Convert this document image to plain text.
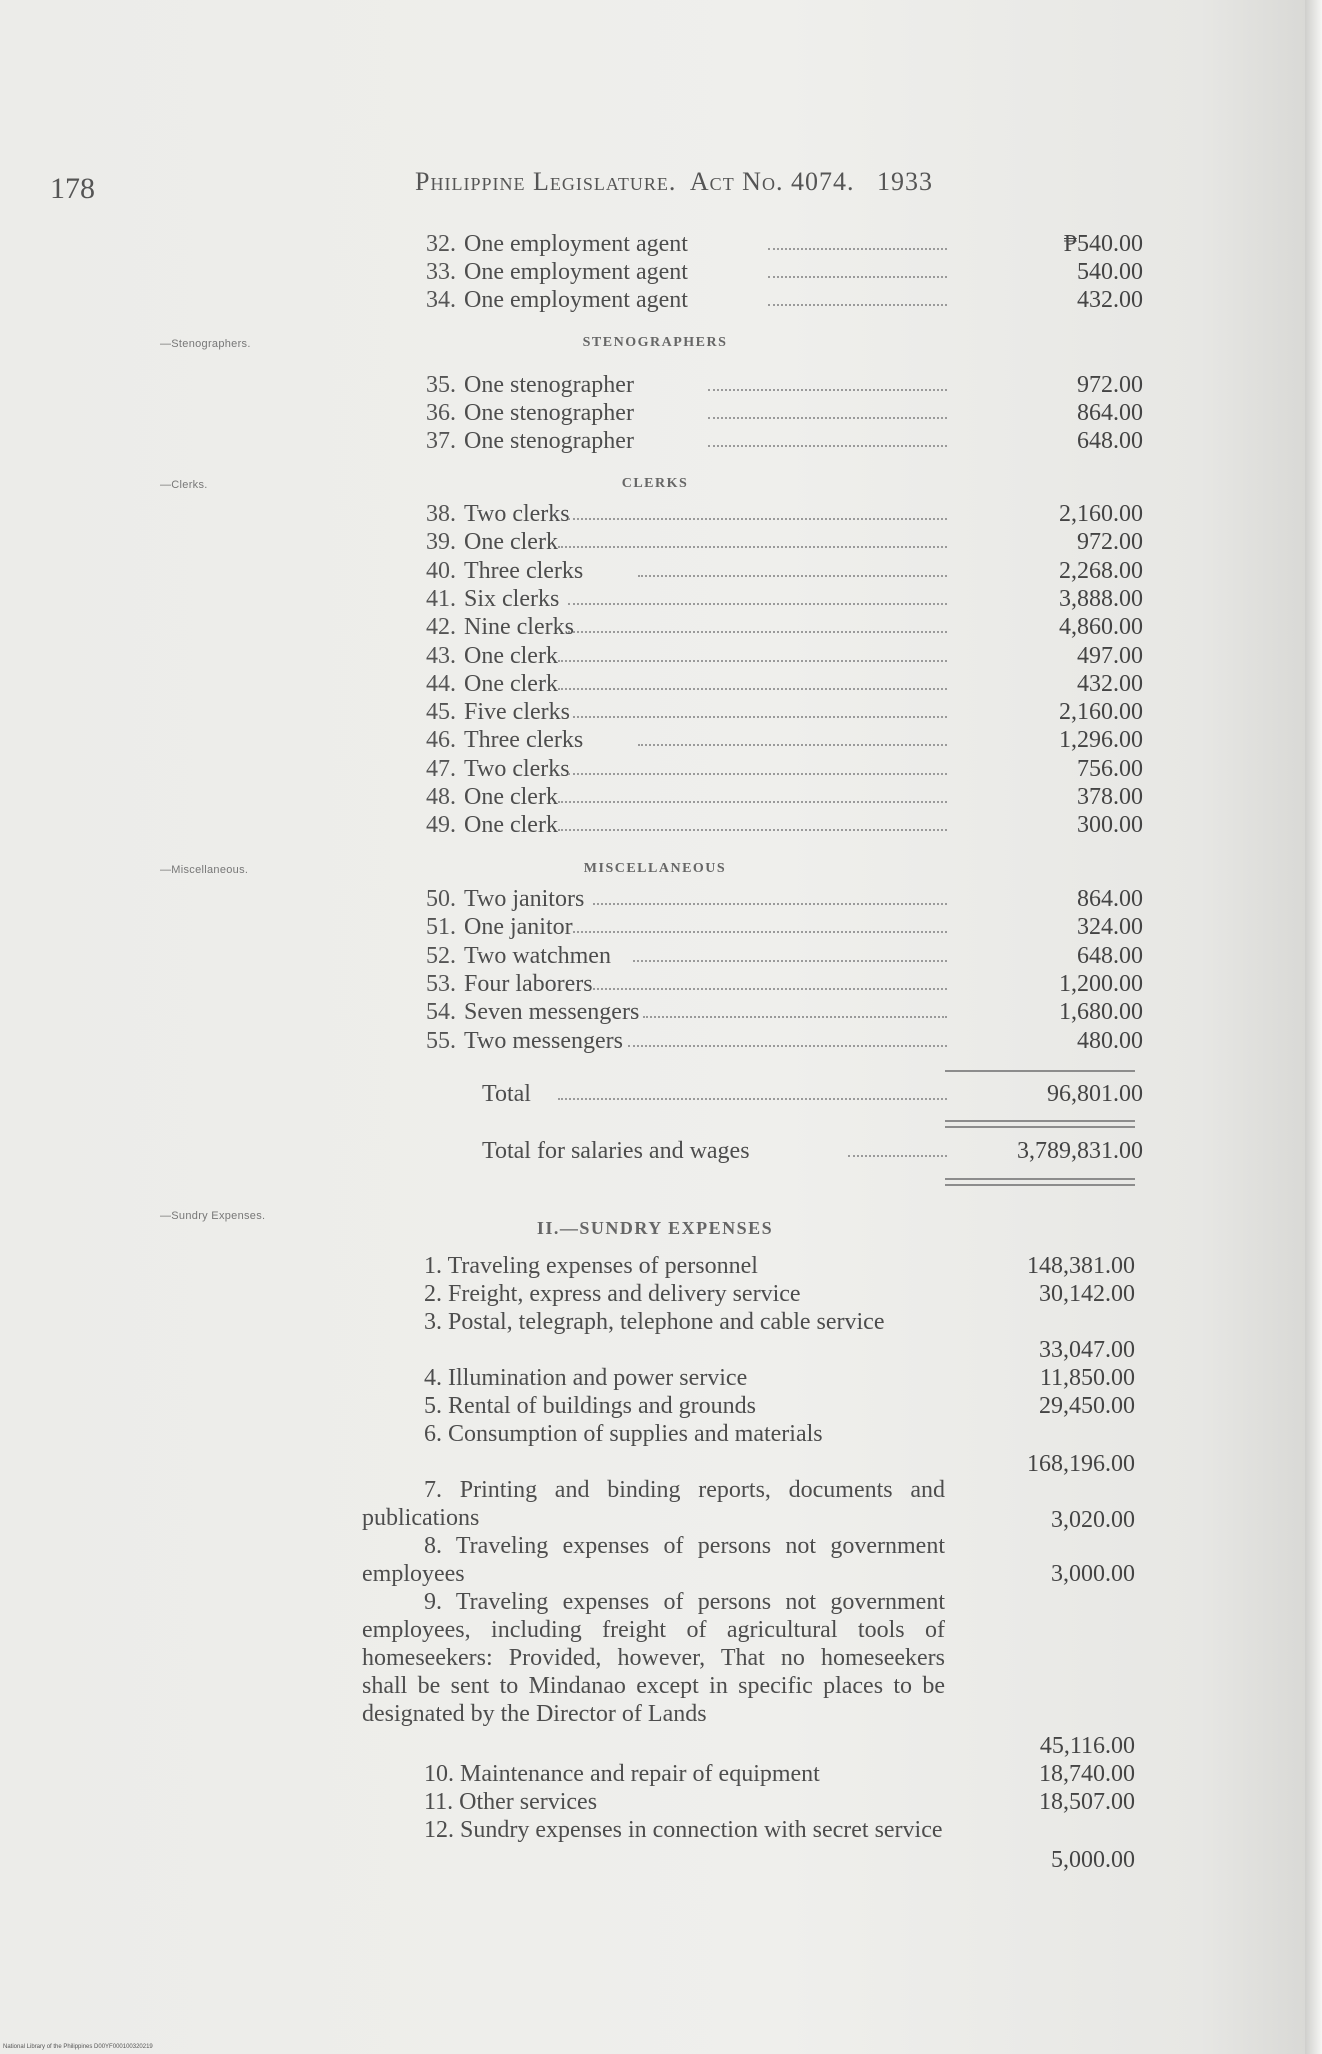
178	Philippine Legislature. Act No. 4074. 1933
32. One employment agent	₱540.00
33. One employment agent	540.00
34. One employment agent	432.00
—Stenographers.	STENOGRAPHERS
35. One stenographer	972.00
36. One stenographer	864.00
37. One stenographer	648.00
—Clerks.	CLERKS
38. Two clerks	2,160.00
39. One clerk	972.00
40. Three clerks	2,268.00
41. Six clerks	3,888.00
42. Nine clerks	4,860.00
43. One clerk	497.00
44. One clerk	432.00
45. Five clerks	2,160.00
46. Three clerks	1,296.00
47. Two clerks	756.00
48. One clerk	378.00
49. One clerk	300.00
—Miscellaneous.	MISCELLANEOUS
50. Two janitors	864.00
51. One janitor	324.00
52. Two watchmen	648.00
53. Four laborers	1,200.00
54. Seven messengers	1,680.00
55. Two messengers	480.00
Total	96,801.00
Total for salaries and wages	3,789,831.00
—Sundry Expenses.
II.—SUNDRY EXPENSES
1. Traveling expenses of personnel	148,381.00
2. Freight, express and delivery service	30,142.00
3. Postal, telegraph, telephone and cable service
33,047.00
4. Illumination and power service	11,850.00
5. Rental of buildings and grounds	29,450.00
6. Consumption of supplies and materials
168,196.00
7. Printing and binding reports, documents and publications	3,020.00
8. Traveling expenses of persons not government employees	3,000.00
9. Traveling expenses of persons not government employees, including freight of agricultural tools of homeseekers: Provided, however, That no homeseekers shall be sent to Mindanao except in specific places to be designated by the Director of Lands
45,116.00
10. Maintenance and repair of equipment	18,740.00
11. Other services	18,507.00
12. Sundry expenses in connection with secret service
5,000.00
National Library of the Philippines D00YF000100320219
